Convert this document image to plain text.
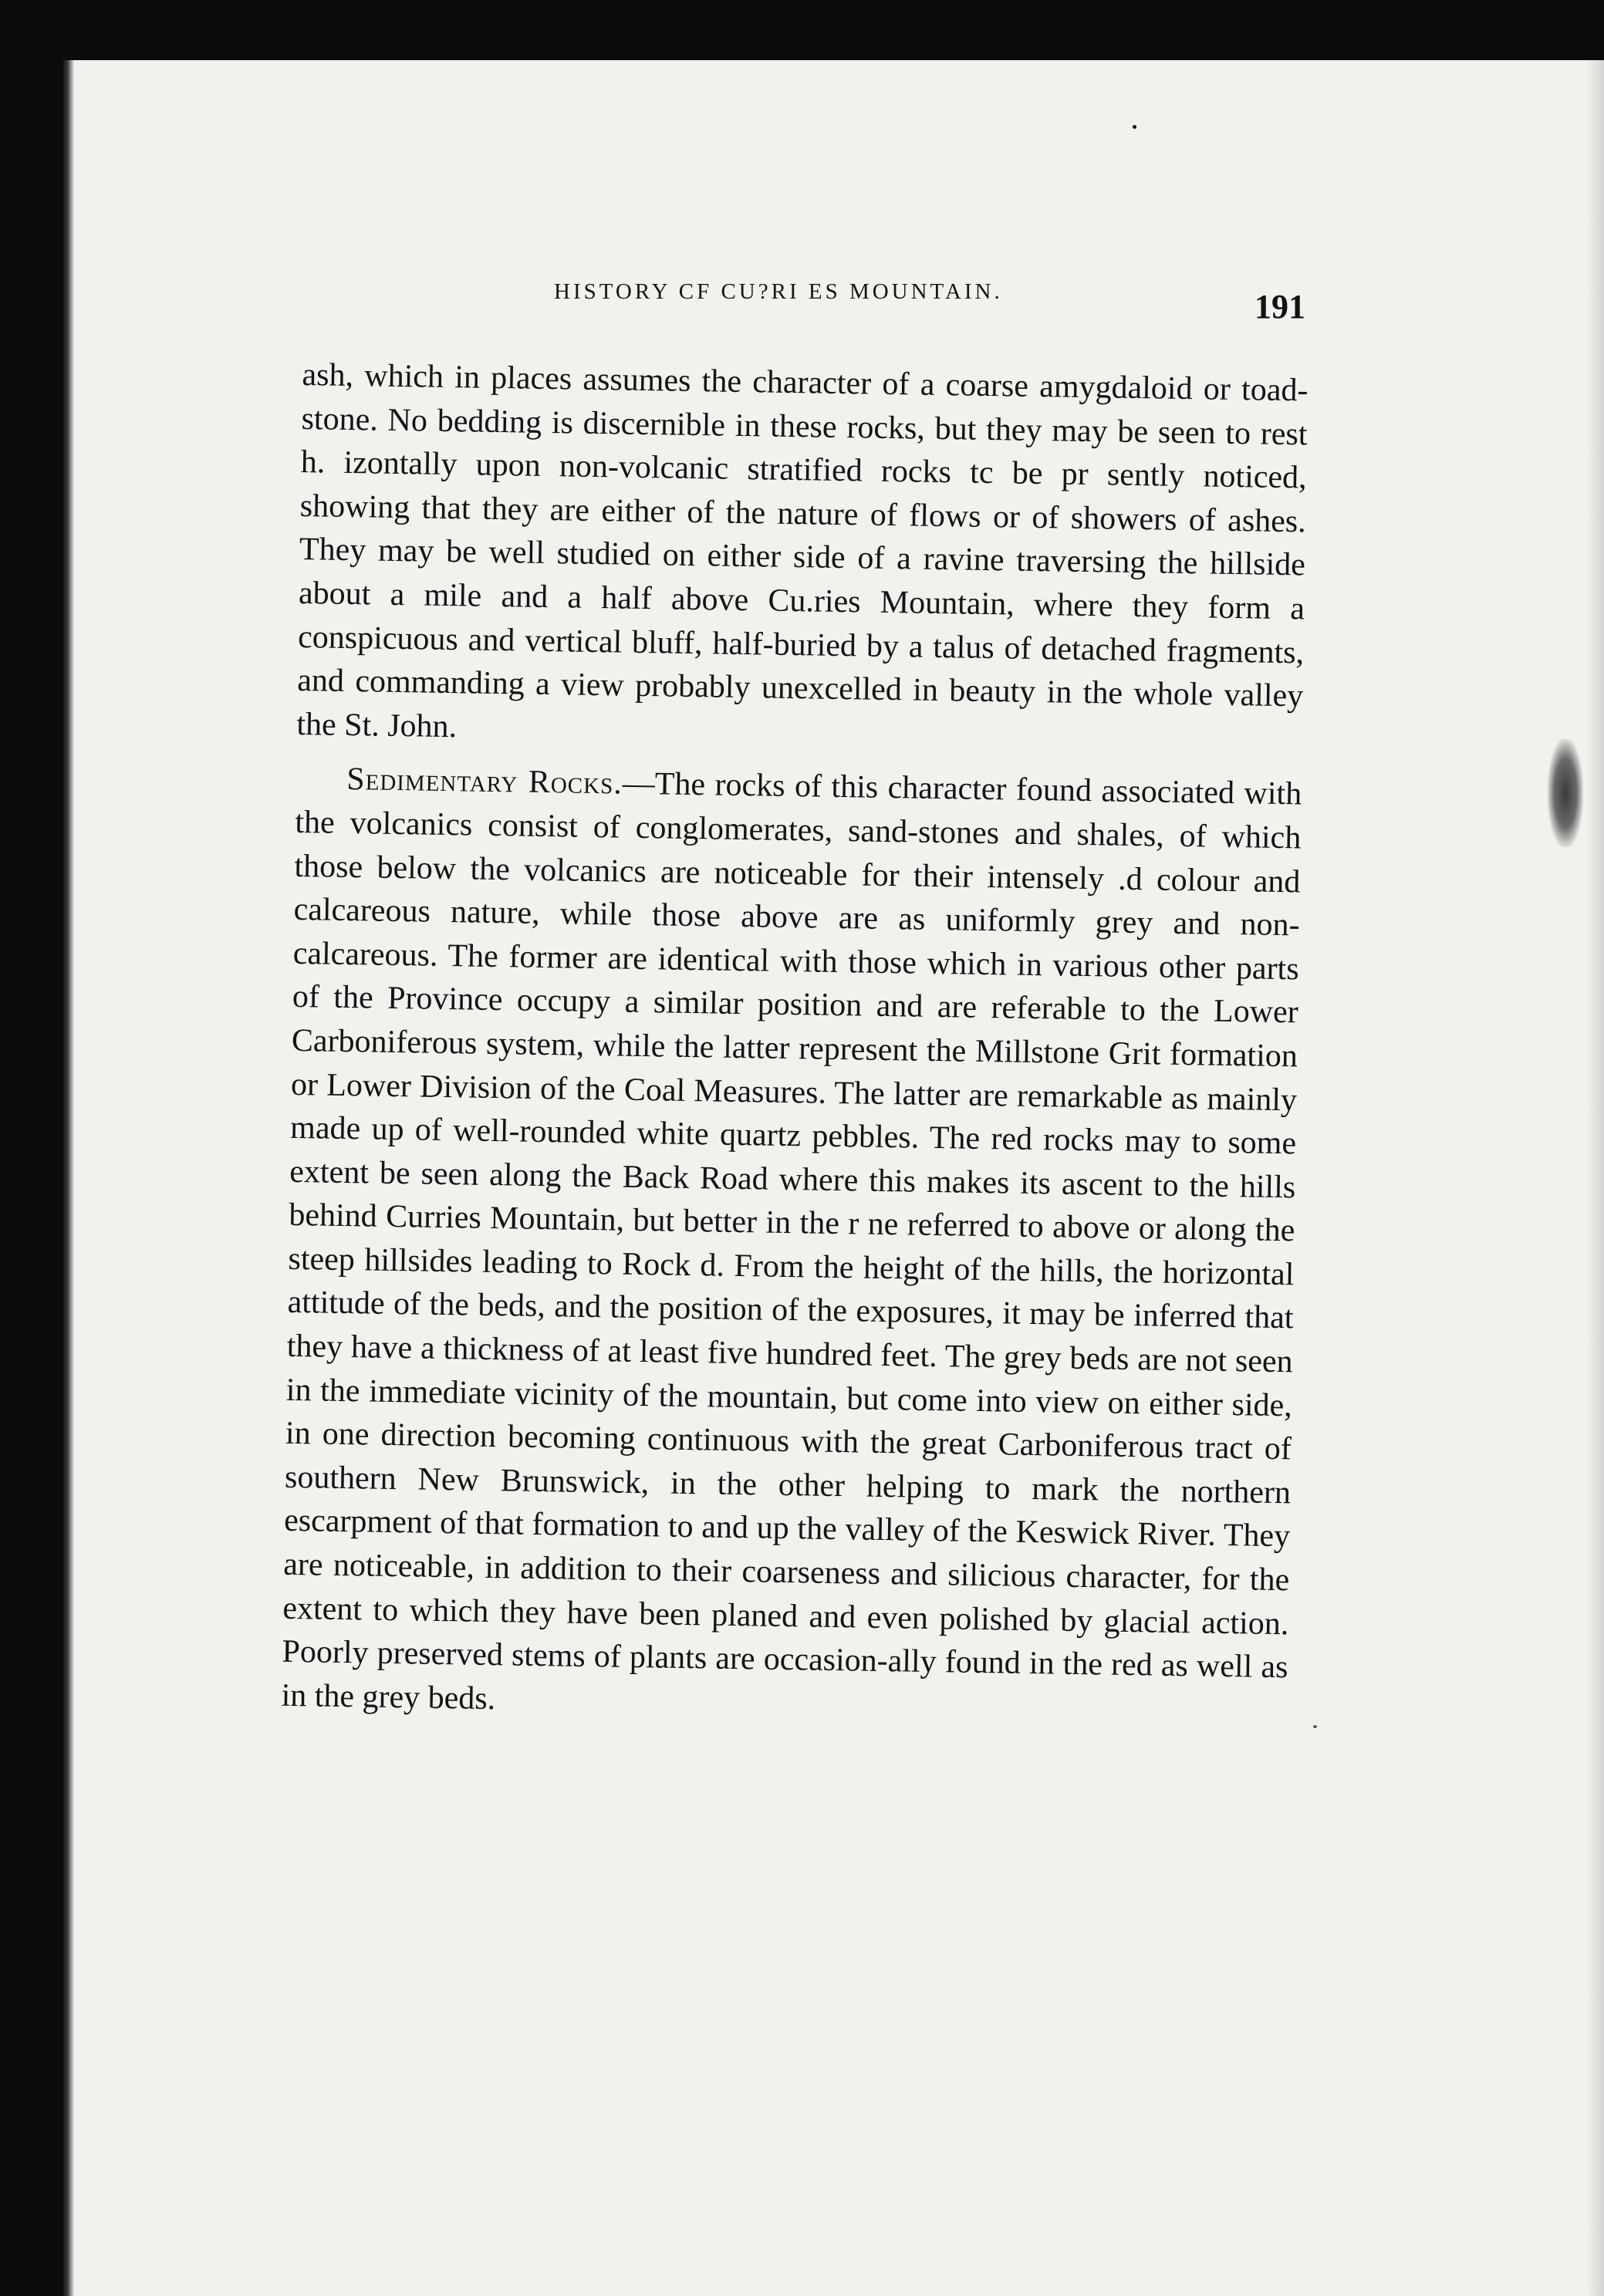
HISTORY CF CU?RI ES MOUNTAIN.	191

ash, which in places assumes the character of a coarse amygdaloid or toad-stone. No bedding is discernible in these rocks, but they may be seen to rest h. izontally upon non-volcanic stratified rocks tc be pr sently noticed, showing that they are either of the nature of flows or of showers of ashes. They may be well studied on either side of a ravine traversing the hillside about a mile and a half above Cu.ries Mountain, where they form a conspicuous and vertical bluff, half-buried by a talus of detached fragments, and commanding a view probably unexcelled in beauty in the whole valley the St. John.

Sedimentary Rocks.—The rocks of this character found associated with the volcanics consist of conglomerates, sand-stones and shales, of which those below the volcanics are noticeable for their intensely .d colour and calcareous nature, while those above are as uniformly grey and non-calcareous. The former are identical with those which in various other parts of the Province occupy a similar position and are referable to the Lower Carboniferous system, while the latter represent the Millstone Grit formation or Lower Division of the Coal Measures. The latter are remarkable as mainly made up of well-rounded white quartz pebbles. The red rocks may to some extent be seen along the Back Road where this makes its ascent to the hills behind Curries Mountain, but better in the r ne referred to above or along the steep hillsides leading to Rock d. From the height of the hills, the horizontal attitude of the beds, and the position of the exposures, it may be inferred that they have a thickness of at least five hundred feet. The grey beds are not seen in the immediate vicinity of the mountain, but come into view on either side, in one direction becoming continuous with the great Carboniferous tract of southern New Brunswick, in the other helping to mark the northern escarpment of that formation to and up the valley of the Keswick River. They are noticeable, in addition to their coarseness and silicious character, for the extent to which they have been planed and even polished by glacial action. Poorly preserved stems of plants are occasion-ally found in the red as well as in the grey beds.
